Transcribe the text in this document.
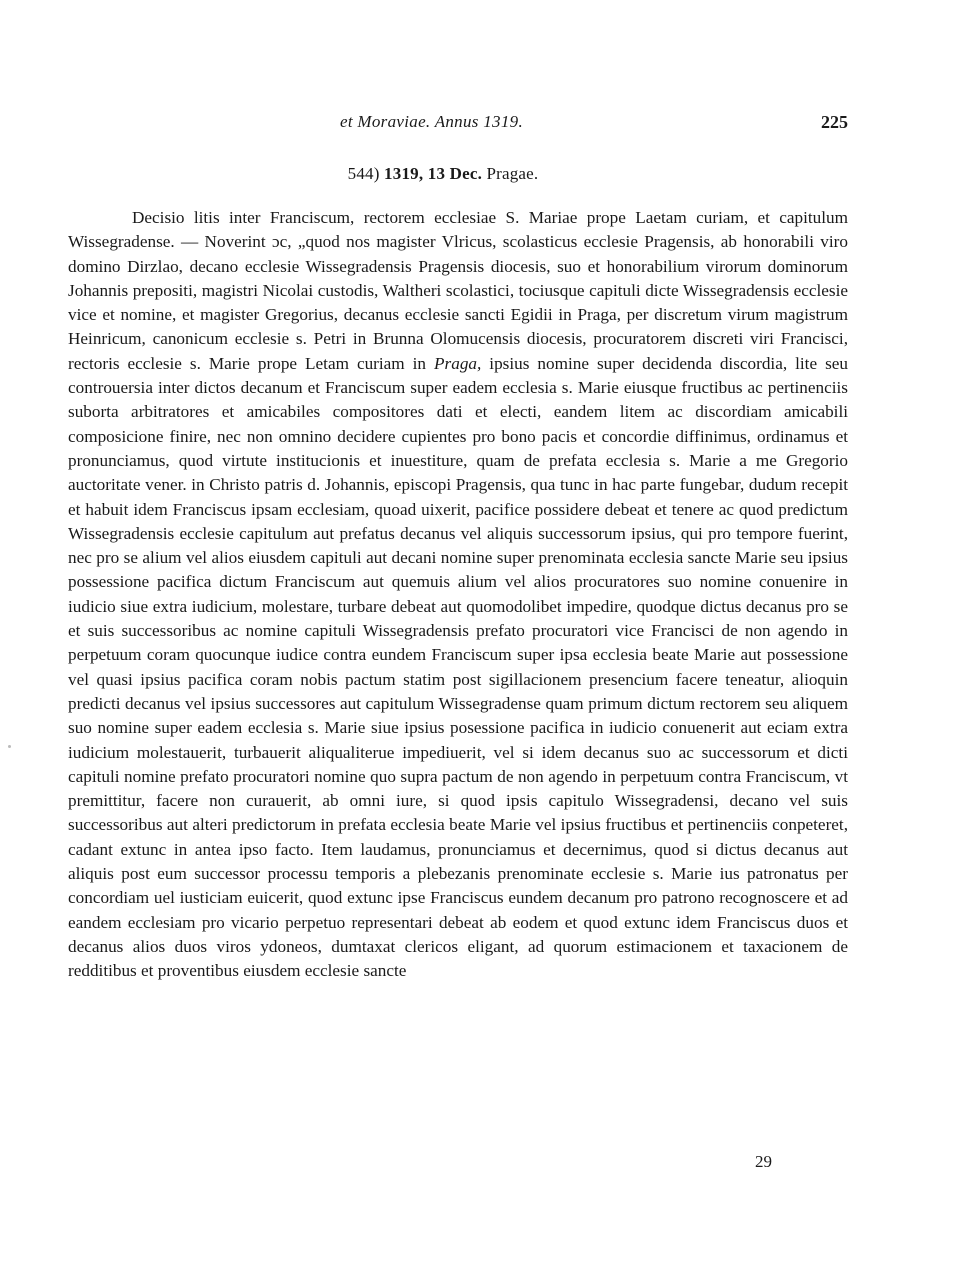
et Moraviae. Annus 1319.	225
544) 1319, 13 Dec. Pragae.

Decisio litis inter Franciscum, rectorem ecclesiae S. Mariae prope Laetam curiam, et capitulum Wissegradense. — Noverint ɔc, „quod nos magister Vlricus, scolasticus ecclesie Pragensis, ab honorabili viro domino Dirzlao, decano ecclesie Wissegradensis Pragensis diocesis, suo et honorabilium virorum dominorum Johannis prepositi, magistri Nicolai custodis, Waltheri scolastici, tociusque capituli dicte Wissegradensis ecclesie vice et nomine, et magister Gregorius, decanus ecclesie sancti Egidii in Praga, per discretum virum magistrum Heinricum, canonicum ecclesie s. Petri in Brunna Olomucensis diocesis, procuratorem discreti viri Francisci, rectoris ecclesie s. Marie prope Letam curiam in Praga, ipsius nomine super decidenda discordia, lite seu controuersia inter dictos decanum et Franciscum super eadem ecclesia s. Marie eiusque fructibus ac pertinenciis suborta arbitratores et amicabiles compositores dati et electi, eandem litem ac discordiam amicabili composicione finire, nec non omnino decidere cupientes pro bono pacis et concordie diffinimus, ordinamus et pronunciamus, quod virtute institucionis et inuestiture, quam de prefata ecclesia s. Marie a me Gregorio auctoritate vener. in Christo patris d. Johannis, episcopi Pragensis, qua tunc in hac parte fungebar, dudum recepit et habuit idem Franciscus ipsam ecclesiam, quoad uixerit, pacifice possidere debeat et tenere ac quod predictum Wissegradensis ecclesie capitulum aut prefatus decanus vel aliquis successorum ipsius, qui pro tempore fuerint, nec pro se alium vel alios eiusdem capituli aut decani nomine super prenominata ecclesia sancte Marie seu ipsius possessione pacifica dictum Franciscum aut quemuis alium vel alios procuratores suo nomine conuenire in iudicio siue extra iudicium, molestare, turbare debeat aut quomodolibet impedire, quodque dictus decanus pro se et suis successoribus ac nomine capituli Wissegradensis prefato procuratori vice Francisci de non agendo in perpetuum coram quocunque iudice contra eundem Franciscum super ipsa ecclesia beate Marie aut possessione vel quasi ipsius pacifica coram nobis pactum statim post sigillacionem presencium facere teneatur, alioquin predicti decanus vel ipsius successores aut capitulum Wissegradense quam primum dictum rectorem seu aliquem suo nomine super eadem ecclesia s. Marie siue ipsius posessione pacifica in iudicio conuenerit aut eciam extra iudicium molestauerit, turbauerit aliqualiterue impediuerit, vel si idem decanus suo ac successorum et dicti capituli nomine prefato procuratori nomine quo supra pactum de non agendo in perpetuum contra Franciscum, vt premittitur, facere non curauerit, ab omni iure, si quod ipsis capitulo Wissegradensi, decano vel suis successoribus aut alteri predictorum in prefata ecclesia beate Marie vel ipsius fructibus et pertinenciis conpeteret, cadant extunc in antea ipso facto. Item laudamus, pronunciamus et decernimus, quod si dictus decanus aut aliquis post eum successor processu temporis a plebezanis prenominate ecclesie s. Marie ius patronatus per concordiam uel iusticiam euicerit, quod extunc ipse Franciscus eundem decanum pro patrono recognoscere et ad eandem ecclesiam pro vicario perpetuo representari debeat ab eodem et quod extunc idem Franciscus duos et decanus alios duos viros ydoneos, dumtaxat clericos eligant, ad quorum estimacionem et taxacionem de redditibus et proventibus eiusdem ecclesie sancte

29
